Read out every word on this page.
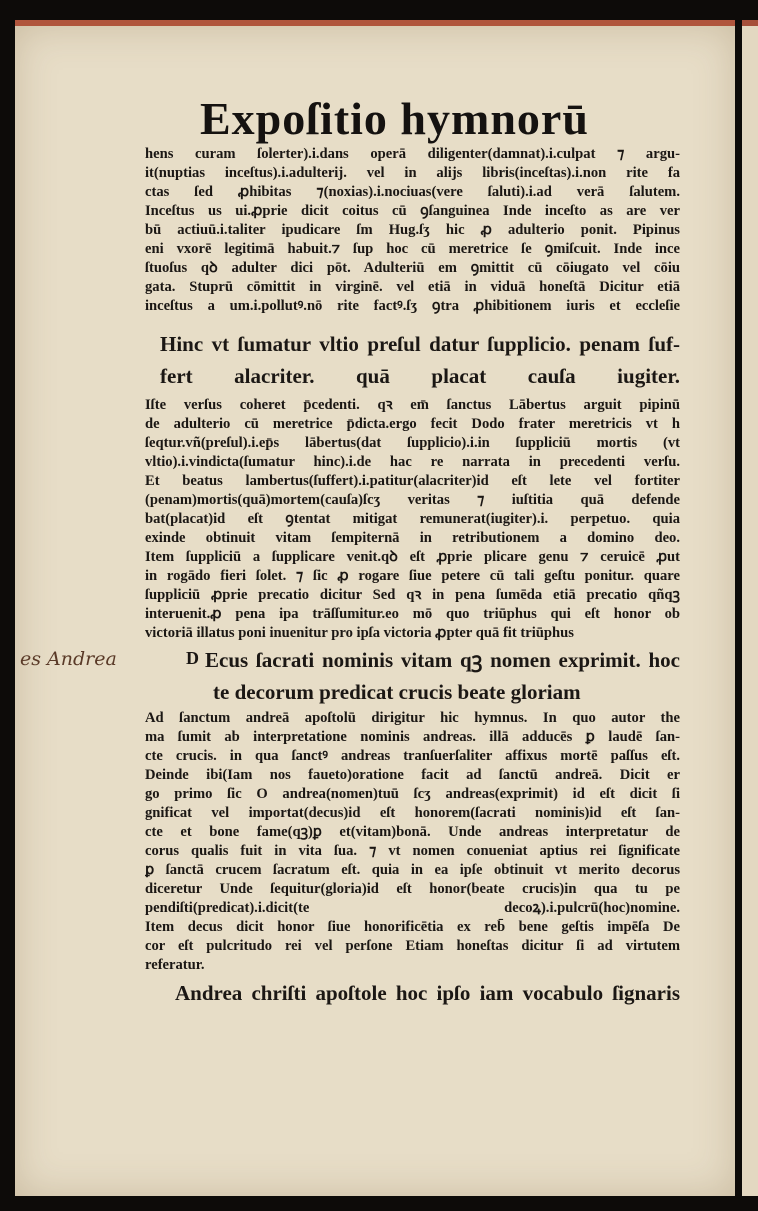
Expoſitio hymnorū
hens curam ſolerter).i.dans operā diligenter(damnat).i.culpat ⁊ argu-
it(nuptias inceſtus).i.adulterij. vel in alijs libris(inceſtas).i.non rite fa
ctas ſed ꝓhibitas ⁊(noxias).i.nociuas(vere ſaluti).i.ad verā ſalutem.
Inceſtus us ui.ꝓprie dicit coitus cū ꝯſanguinea Inde inceſto as are ver
bū actiuū.i.taliter ipudicare ſm Hug.ſʒ hic ꝓ adulterio ponit. Pipinus
eni vxorē legitimā habuit.⁊ ſup hoc cū meretrice ſe ꝯmiſcuit. Inde ince
ſtuoſus qꝺ adulter dici pōt. Adulteriū em ꝯmittit cū cōiugato vel cōiu
gata. Stuprū cōmittit in virginē. vel etiā in viduā honeſtā Dicitur etiā
inceſtus a um.i.pollutꝰ.nō rite factꝰ.ſʒ ꝯtra ꝓhibitionem iuris et eccleſie
Hinc vt ſumatur vltio preſul datur ſupplicio. penam ſuf-
fert alacriter. quā placat cauſa iugiter.
Iſte verſus coheret p̄cedenti. qꝛ em̄ ſanctus Lābertus arguit pipinū
de adulterio cū meretrice p̄dicta.ergo fecit Dodo frater meretricis vt h
ſeqtur.vñ(preſul).i.ep̄s lābertus(dat ſupplicio).i.in ſuppliciū mortis (vt
vltio).i.vindicta(ſumatur hinc).i.de hac re narrata in precedenti verſu.
Et beatus lambertus(ſuffert).i.patitur(alacriter)id eſt lete vel fortiter
(penam)mortis(quā)mortem(cauſa)ſcʒ veritas ⁊ iuſtitia quā defende
bat(placat)id eſt ꝯtentat mitigat remunerat(iugiter).i. perpetuo. quia
exinde obtinuit vitam ſempiternā in retributionem a domino deo.
Item ſuppliciū a ſupplicare venit.qꝺ eſt ꝓprie plicare genu ⁊ ceruicē ꝓut
in rogādo fieri ſolet. ⁊ ſic ꝓ rogare ſiue petere cū tali geſtu ponitur. quare
ſuppliciū ꝓprie precatio dicitur Sed qꝛ in pena ſumēda etiā precatio qñqꝫ
interuenit.ꝓ pena ipa trāſſumitur.eo mō quo triūphus qui eſt honor ob
victoriā illatus poni inuenitur pro ipſa victoria ꝓpter quā fit triūphus
es Andrea	D Ecus ſacrati nominis vitam qꝫ nomen exprimit. hoc
te decorum predicat crucis beate gloriam
Ad ſanctum andreā apoſtolū dirigitur hic hymnus. In quo autor the
ma ſumit ab interpretatione nominis andreas. illā adducēs ꝑ laudē ſan-
cte crucis. in qua ſanctꝰ andreas tranſuerſaliter affixus mortē paſſus eſt.
Deinde ibi(Iam nos faueto)oratione facit ad ſanctū andreā. Dicit er
go primo ſic O andrea(nomen)tuū ſcʒ andreas(exprimit) id eſt dicit ſi
gnificat vel importat(decus)id eſt honorem(ſacrati nominis)id eſt ſan-
cte et bone fame(qꝫ)ꝑ et(vitam)bonā. Unde andreas interpretatur de
corus qualis fuit in vita ſua. ⁊ vt nomen conueniat aptius rei ſignificate
ꝑ ſanctā crucem ſacratum eſt. quia in ea ipſe obtinuit vt merito decorus
diceretur Unde ſequitur(gloria)id eſt honor(beate crucis)in qua tu pe
pendiſti(predicat).i.dicit(te decoꝝ).i.pulcrū(hoc)nomine.
Item decus dicit honor ſiue honorificētia ex reb̄ bene geſtis impēſa De
cor eſt pulcritudo rei vel perſone Etiam honeſtas dicitur ſi ad virtutem
referatur.
Andrea chriſti apoſtole hoc ipſo iam vocabulo ſignaris
